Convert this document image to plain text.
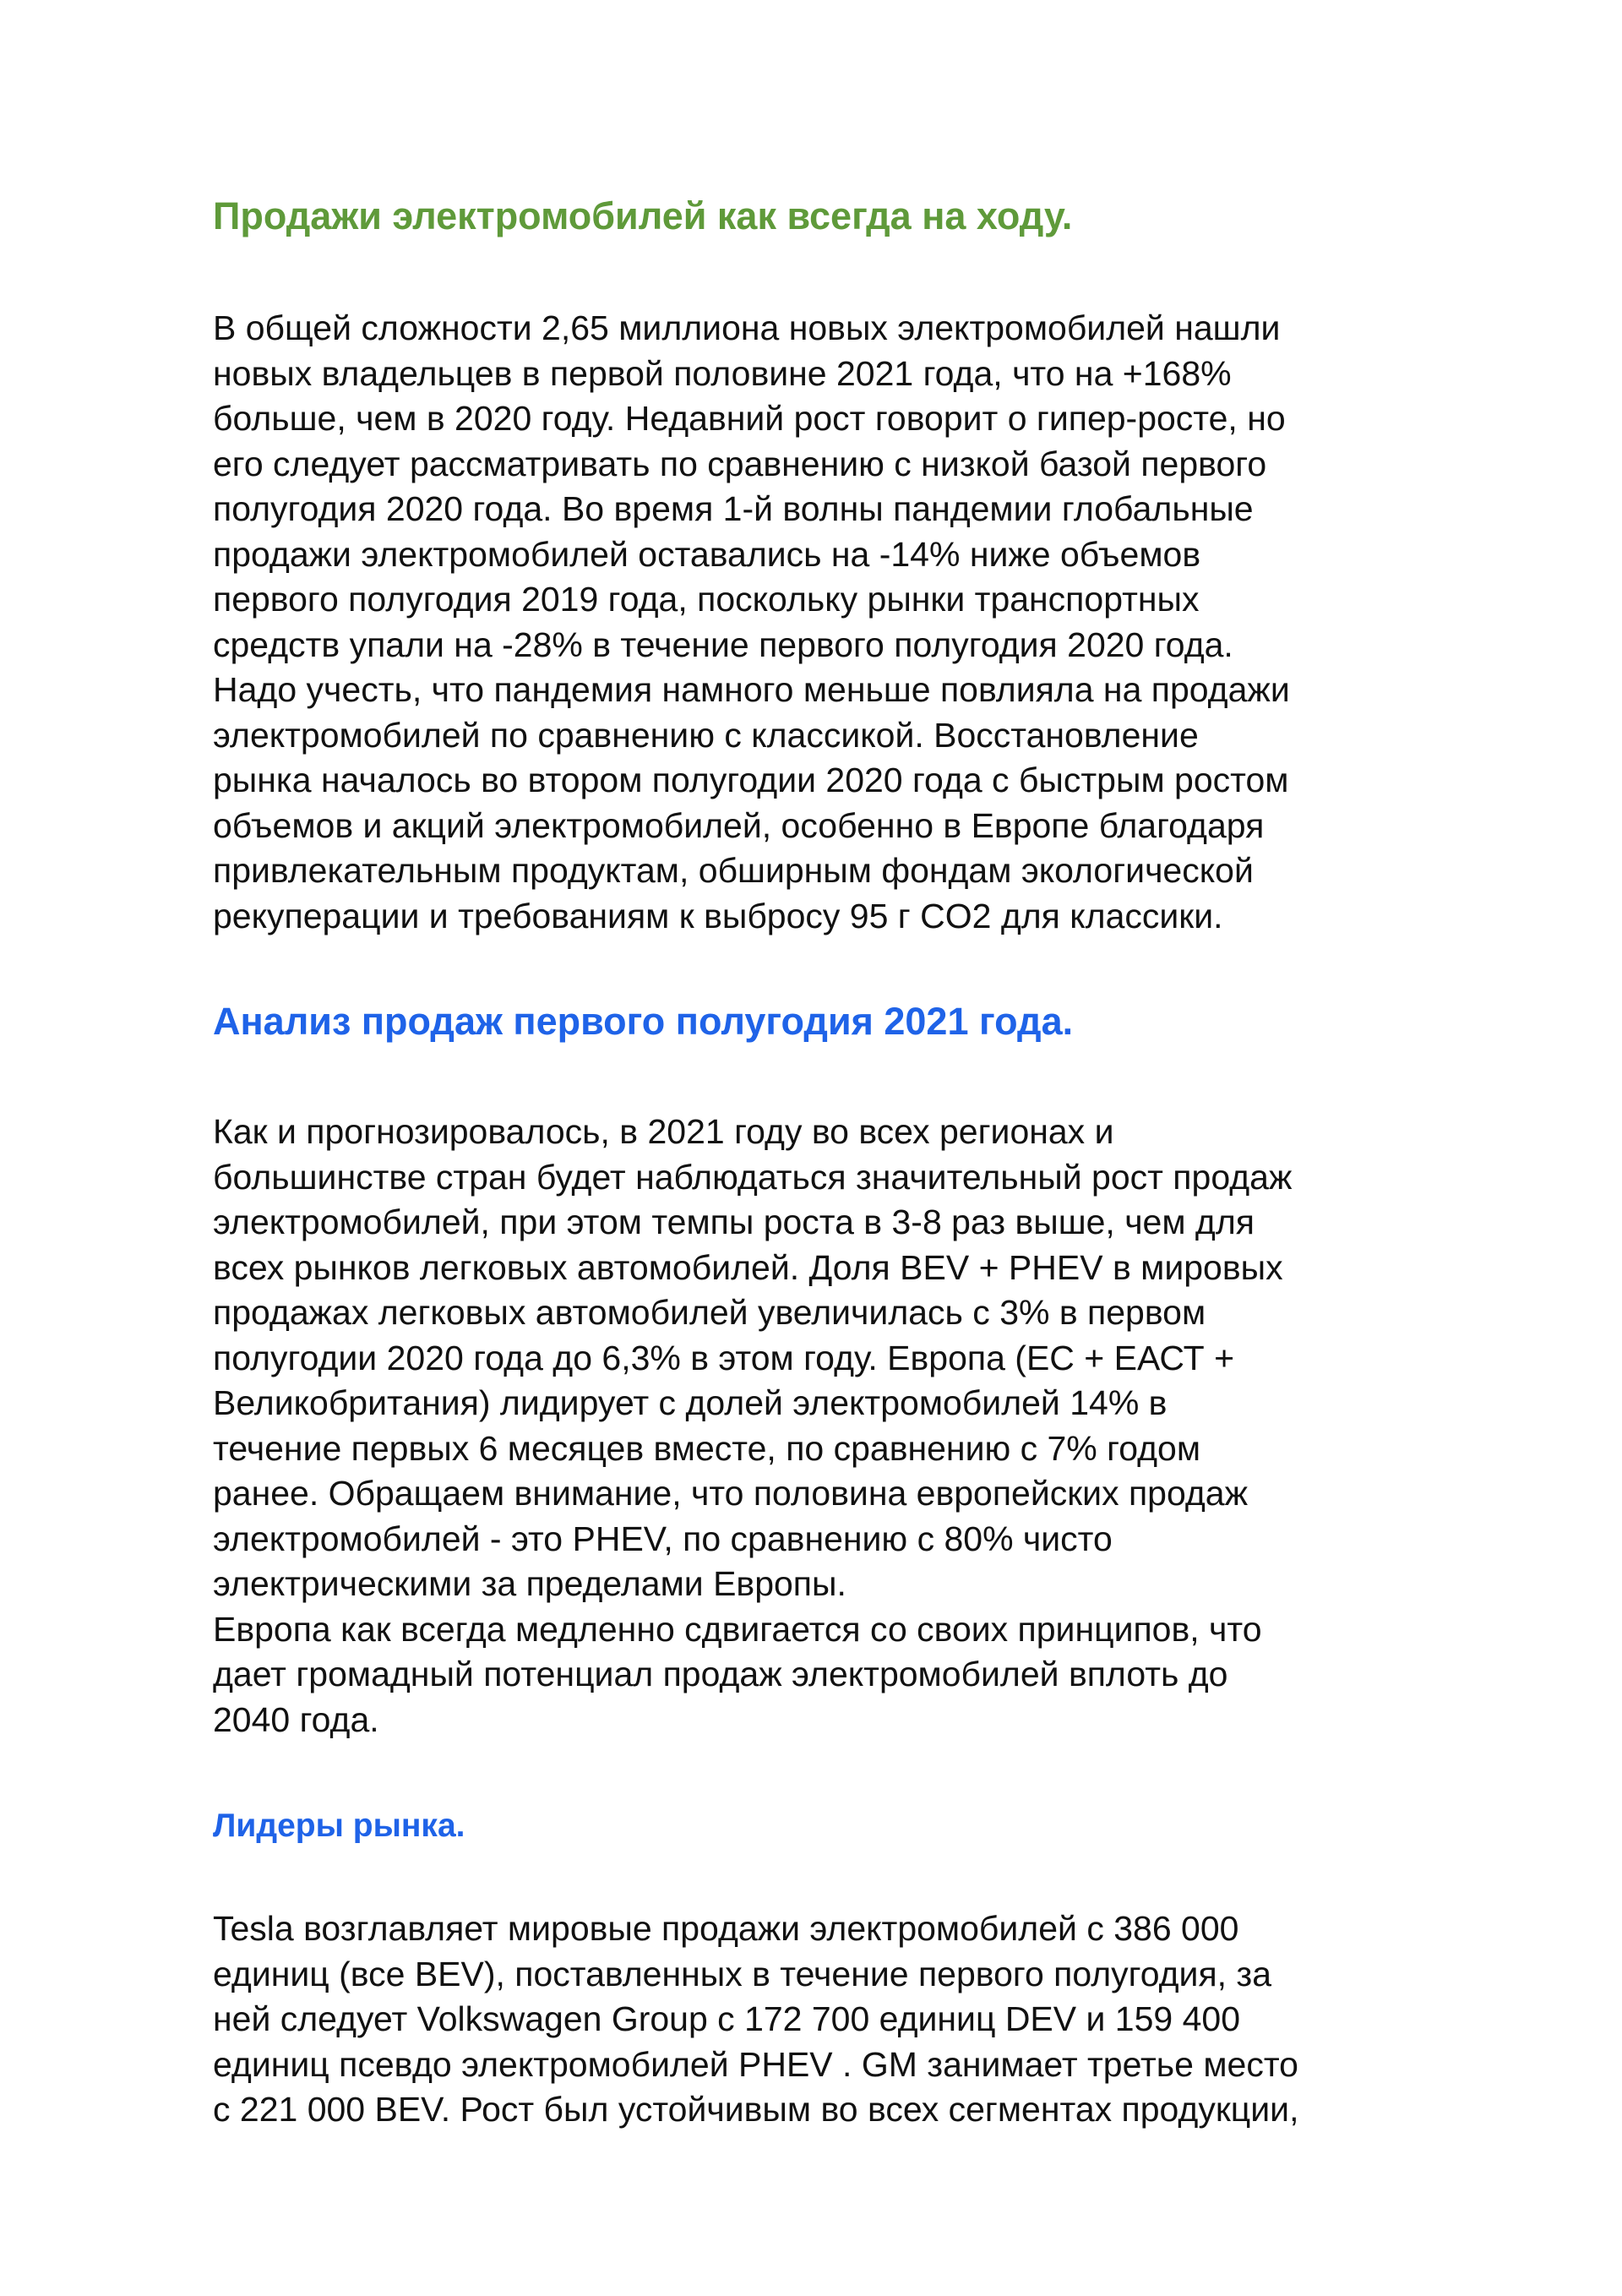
Продажи электромобилей как всегда на ходу.

В общей сложности 2,65 миллиона новых электромобилей нашли
новых владельцев в первой половине 2021 года, что на +168%
больше, чем в 2020 году. Недавний рост говорит о гипер-росте, но
его следует рассматривать по сравнению с низкой базой первого
полугодия 2020 года. Во время 1-й волны пандемии глобальные
продажи электромобилей оставались на -14% ниже объемов
первого полугодия 2019 года, поскольку рынки транспортных
средств упали на -28% в течение первого полугодия 2020 года.
Надо учесть, что пандемия намного меньше повлияла на продажи
электромобилей по сравнению с классикой. Восстановление
рынка началось во втором полугодии 2020 года с быстрым ростом
объемов и акций электромобилей, особенно в Европе благодаря
привлекательным продуктам, обширным фондам экологической
рекуперации и требованиям к выбросу 95 г CO2 для классики.

Анализ продаж первого полугодия 2021 года.

Как и прогнозировалось, в 2021 году во всех регионах и
большинстве стран будет наблюдаться значительный рост продаж
электромобилей, при этом темпы роста в 3-8 раз выше, чем для
всех рынков легковых автомобилей. Доля BEV + PHEV в мировых
продажах легковых автомобилей увеличилась с 3% в первом
полугодии 2020 года до 6,3% в этом году. Европа (ЕС + ЕАСТ +
Великобритания) лидирует с долей электромобилей 14% в
течение первых 6 месяцев вместе, по сравнению с 7% годом
ранее. Обращаем внимание, что половина европейских продаж
электромобилей - это PHEV, по сравнению с 80% чисто
электрическими за пределами Европы.
Европа как всегда медленно сдвигается со своих принципов, что
дает громадный потенциал продаж электромобилей вплоть до
2040 года.

Лидеры рынка.

Tesla возглавляет мировые продажи электромобилей с 386 000
единиц (все BEV), поставленных в течение первого полугодия, за
ней следует Volkswagen Group с 172 700 единиц DEV и 159 400
единиц псевдо электромобилей PHEV . GM занимает третье место
с 221 000 BEV. Рост был устойчивым во всех сегментах продукции,
